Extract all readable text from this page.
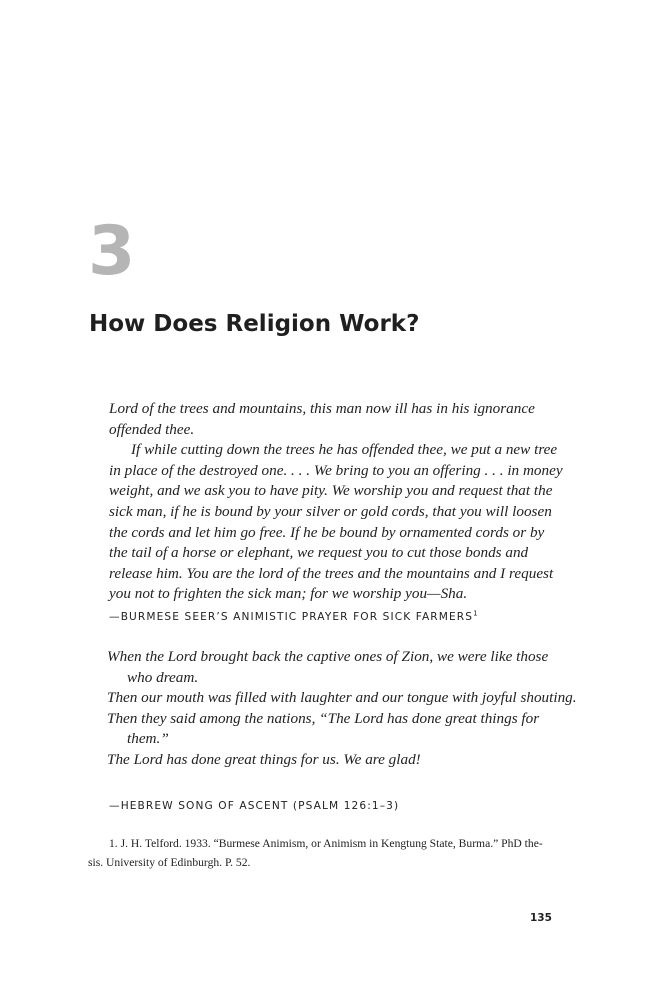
3
How Does Religion Work?

Lord of the trees and mountains, this man now ill has in his ignorance

offended thee.

If while cutting down the trees he has offended thee, we put a new tree

in place of the destroyed one. . . . We bring to you an offering . . . in money

weight, and we ask you to have pity. We worship you and request that the

sick man, if he is bound by your silver or gold cords, that you will loosen

the cords and let him go free. If he be bound by ornamented cords or by

the tail of a horse or elephant, we request you to cut those bonds and

release him. You are the lord of the trees and the mountains and I request

you not to frighten the sick man; for we worship you—Sha.

—BURMESE SEER’S ANIMISTIC PRAYER FOR SICK FARMERS$^1$

When the Lord brought back the captive ones of Zion, we were like those who dream.

Then our mouth was filled with laughter and our tongue with joyful shouting.

Then they said among the nations, “The Lord has done great things for them.”

The Lord has done great things for us. We are glad!

—HEBREW SONG OF ASCENT (PSALM 126:1–3)
1. J. H. Telford. 1933. “Burmese Animism, or Animism in Kengtung State, Burma.” PhD the-
sis. University of Edinburgh. P. 52.
135
